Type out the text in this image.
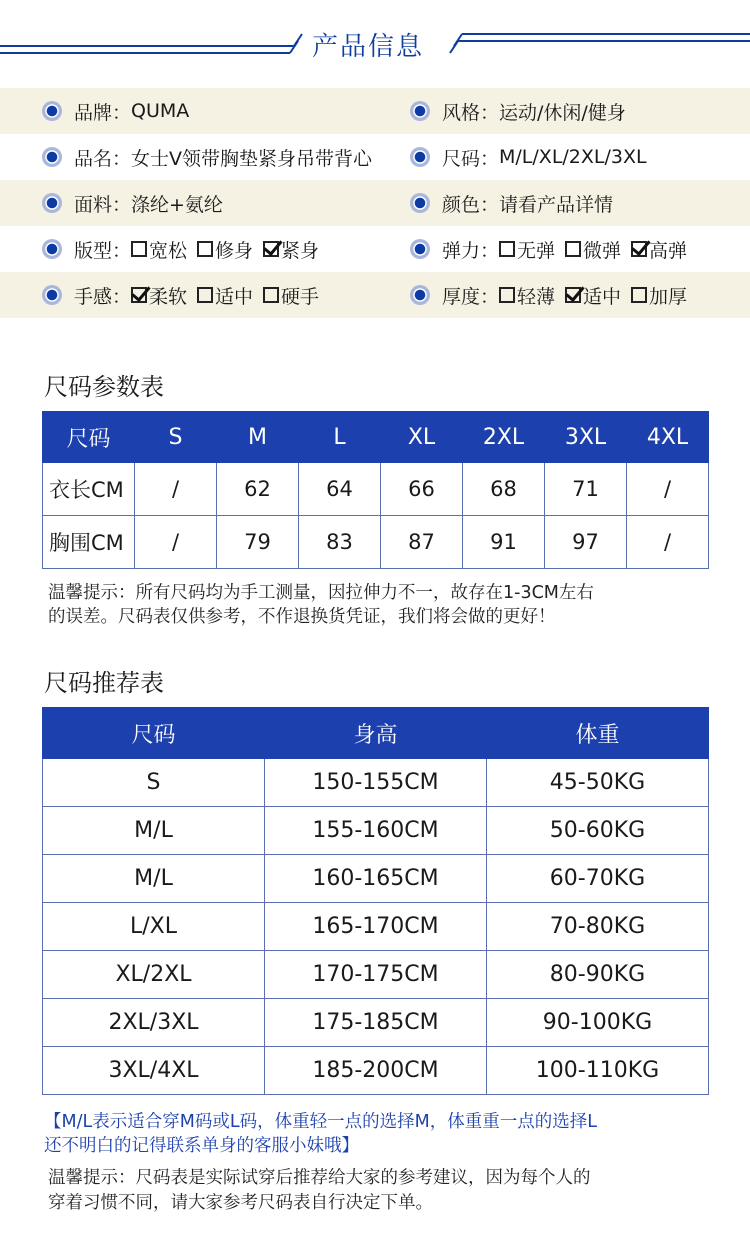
产品信息
品牌： QUMA	风格： 运动/休闲/健身
品名： 女士V领带胸垫紧身吊带背心	尺码： M/L/XL/2XL/3XL
面料： 涤纶+氨纶	颜色： 请看产品详情
版型： 宽松 修身 紧身	弹力： 无弹 微弹 高弹
手感： 柔软 适中 硬手	厚度： 轻薄 适中 加厚
尺码参数表
尺码	S	M	L	XL	2XL	3XL	4XL
衣长CM	/	62	64	66	68	71	/
胸围CM	/	79	83	87	91	97	/
温馨提示：所有尺码均为手工测量，因拉伸力不一，故存在1-3CM左右
的误差。尺码表仅供参考，不作退换货凭证，我们将会做的更好！
尺码推荐表
尺码	身高	体重
S	150-155CM	45-50KG
M/L	155-160CM	50-60KG
M/L	160-165CM	60-70KG
L/XL	165-170CM	70-80KG
XL/2XL	170-175CM	80-90KG
2XL/3XL	175-185CM	90-100KG
3XL/4XL	185-200CM	100-110KG
【M/L表示适合穿M码或L码，体重轻一点的选择M，体重重一点的选择L
还不明白的记得联系单身的客服小妹哦】
温馨提示：尺码表是实际试穿后推荐给大家的参考建议，因为每个人的
穿着习惯不同，请大家参考尺码表自行决定下单。
